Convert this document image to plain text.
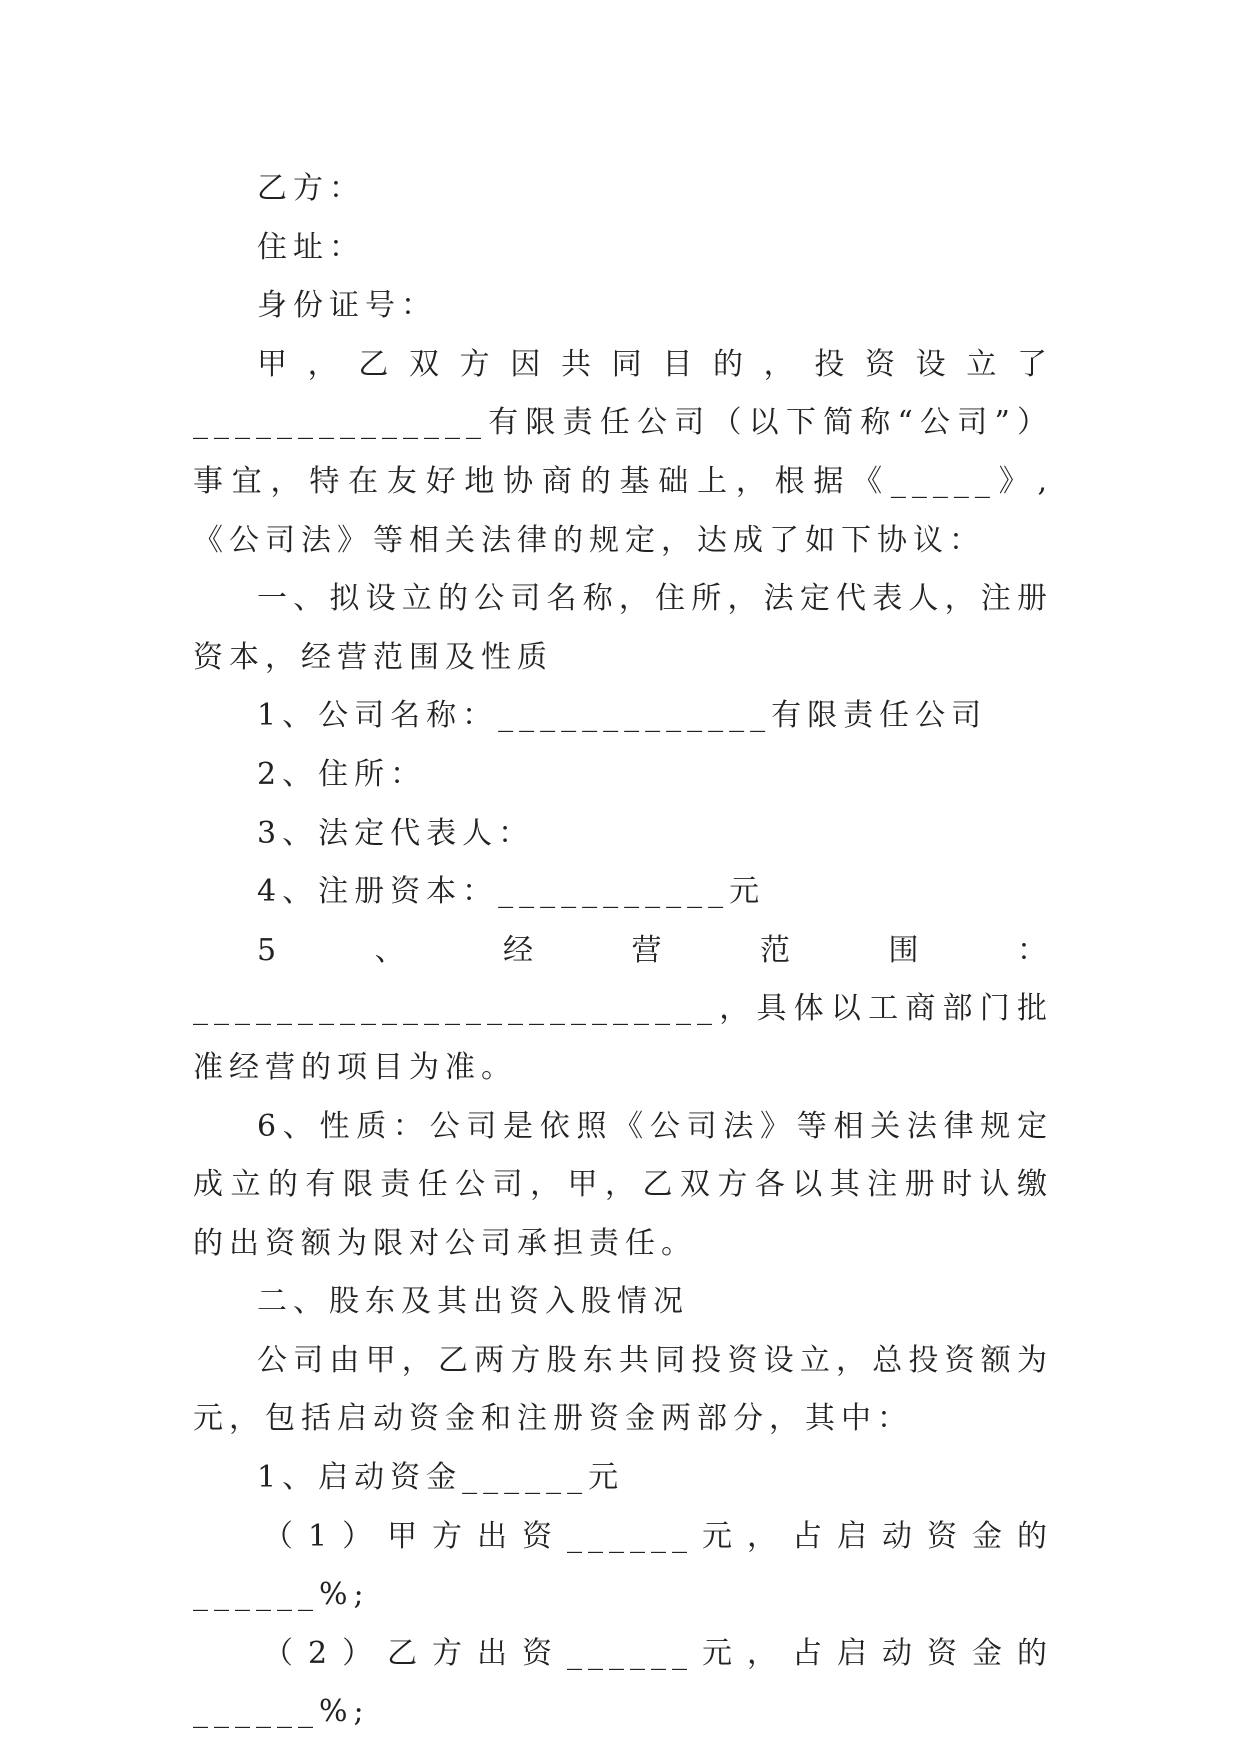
乙方：

住址：

身份证号：

甲，乙双方因共同目的，投资设立了______________有限责任公司（以下简称“公司”）事宜，特在友好地协商的基础上，根据《_____》,《公司法》等相关法律的规定，达成了如下协议：

一、拟设立的公司名称，住所，法定代表人，注册资本，经营范围及性质

1、公司名称：_____________有限责任公司

2、住所：

3、法定代表人：

4、注册资本：___________元

5、经营范围：_________________________，具体以工商部门批准经营的项目为准。

6、性质：公司是依照《公司法》等相关法律规定成立的有限责任公司，甲，乙双方各以其注册时认缴的出资额为限对公司承担责任。

二、股东及其出资入股情况

公司由甲，乙两方股东共同投资设立，总投资额为元，包括启动资金和注册资金两部分，其中：

1、启动资金______元

（1）甲方出资______元，占启动资金的______%;

（2）乙方出资______元，占启动资金的______%;
